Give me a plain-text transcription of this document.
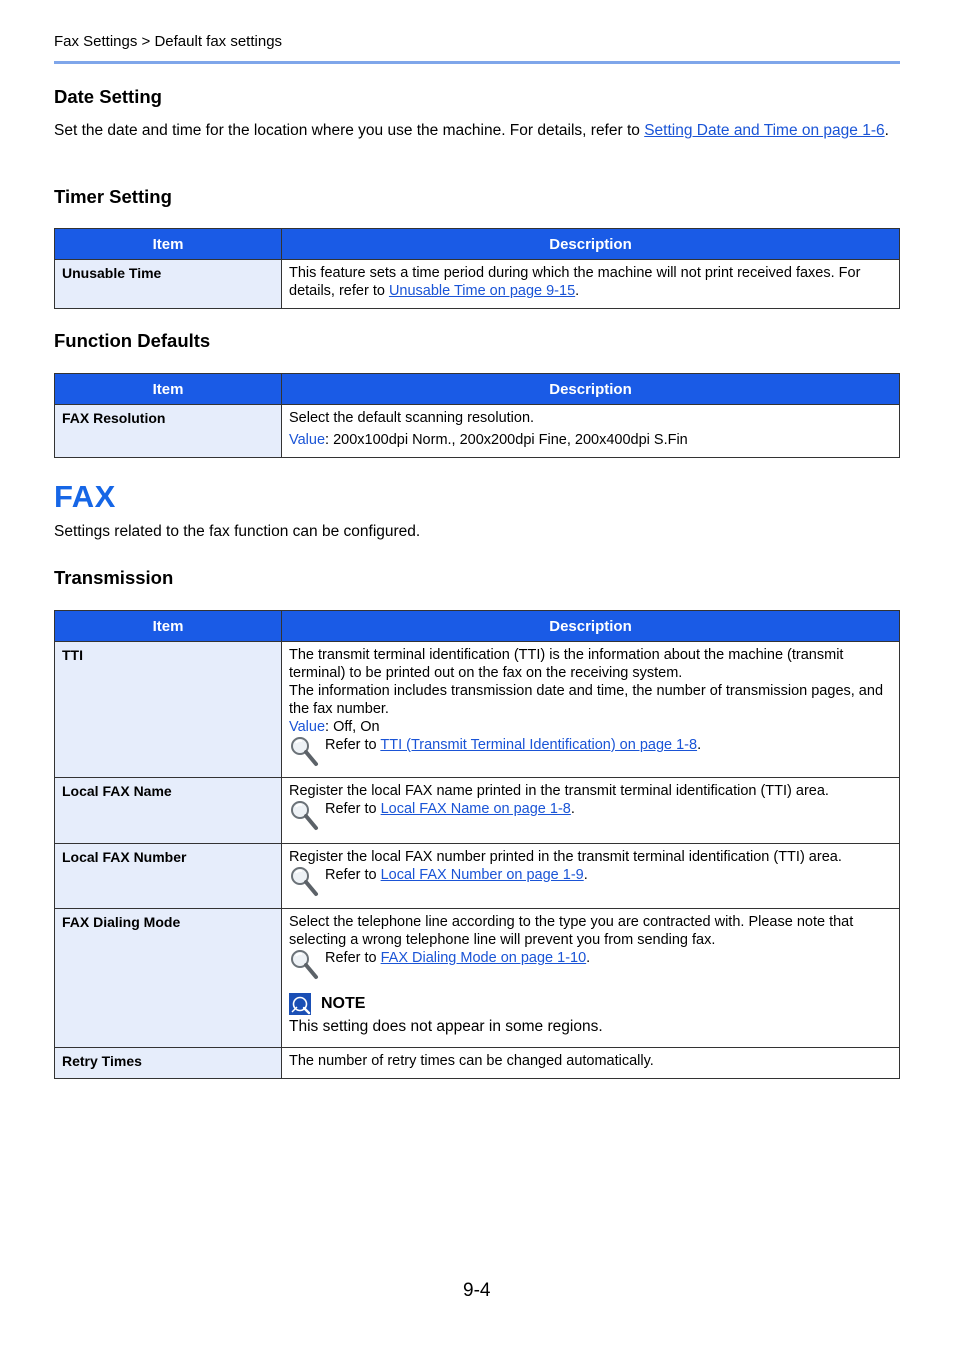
Fax Settings > Default fax settings
Date Setting

Set the date and time for the location where you use the machine. For details, refer to Setting Date and Time on page 1-6.

Timer Setting
Item	Description
Unusable Time	This feature sets a time period during which the machine will not print received faxes. For details, refer to Unusable Time on page 9-15.
Function Defaults
Item	Description
FAX Resolution	Select the default scanning resolution.
Value: 200x100dpi Norm., 200x200dpi Fine, 200x400dpi S.Fin
FAX

Settings related to the fax function can be configured.

Transmission
Item	Description
TTI	The transmit terminal identification (TTI) is the information about the machine (transmit terminal) to be printed out on the fax on the receiving system.
The information includes transmission date and time, the number of transmission pages, and the fax number.
Value: Off, On
Refer to TTI (Transmit Terminal Identification) on page 1-8.

Local FAX Name	Register the local FAX name printed in the transmit terminal identification (TTI) area.
Refer to Local FAX Name on page 1-8.

Local FAX Number	Register the local FAX number printed in the transmit terminal identification (TTI) area.
Refer to Local FAX Number on page 1-9.

FAX Dialing Mode	Select the telephone line according to the type you are contracted with. Please note that selecting a wrong telephone line will prevent you from sending fax.
Refer to FAX Dialing Mode on page 1-10.
NOTE
This setting does not appear in some regions.

Retry Times	The number of retry times can be changed automatically.
9-4
